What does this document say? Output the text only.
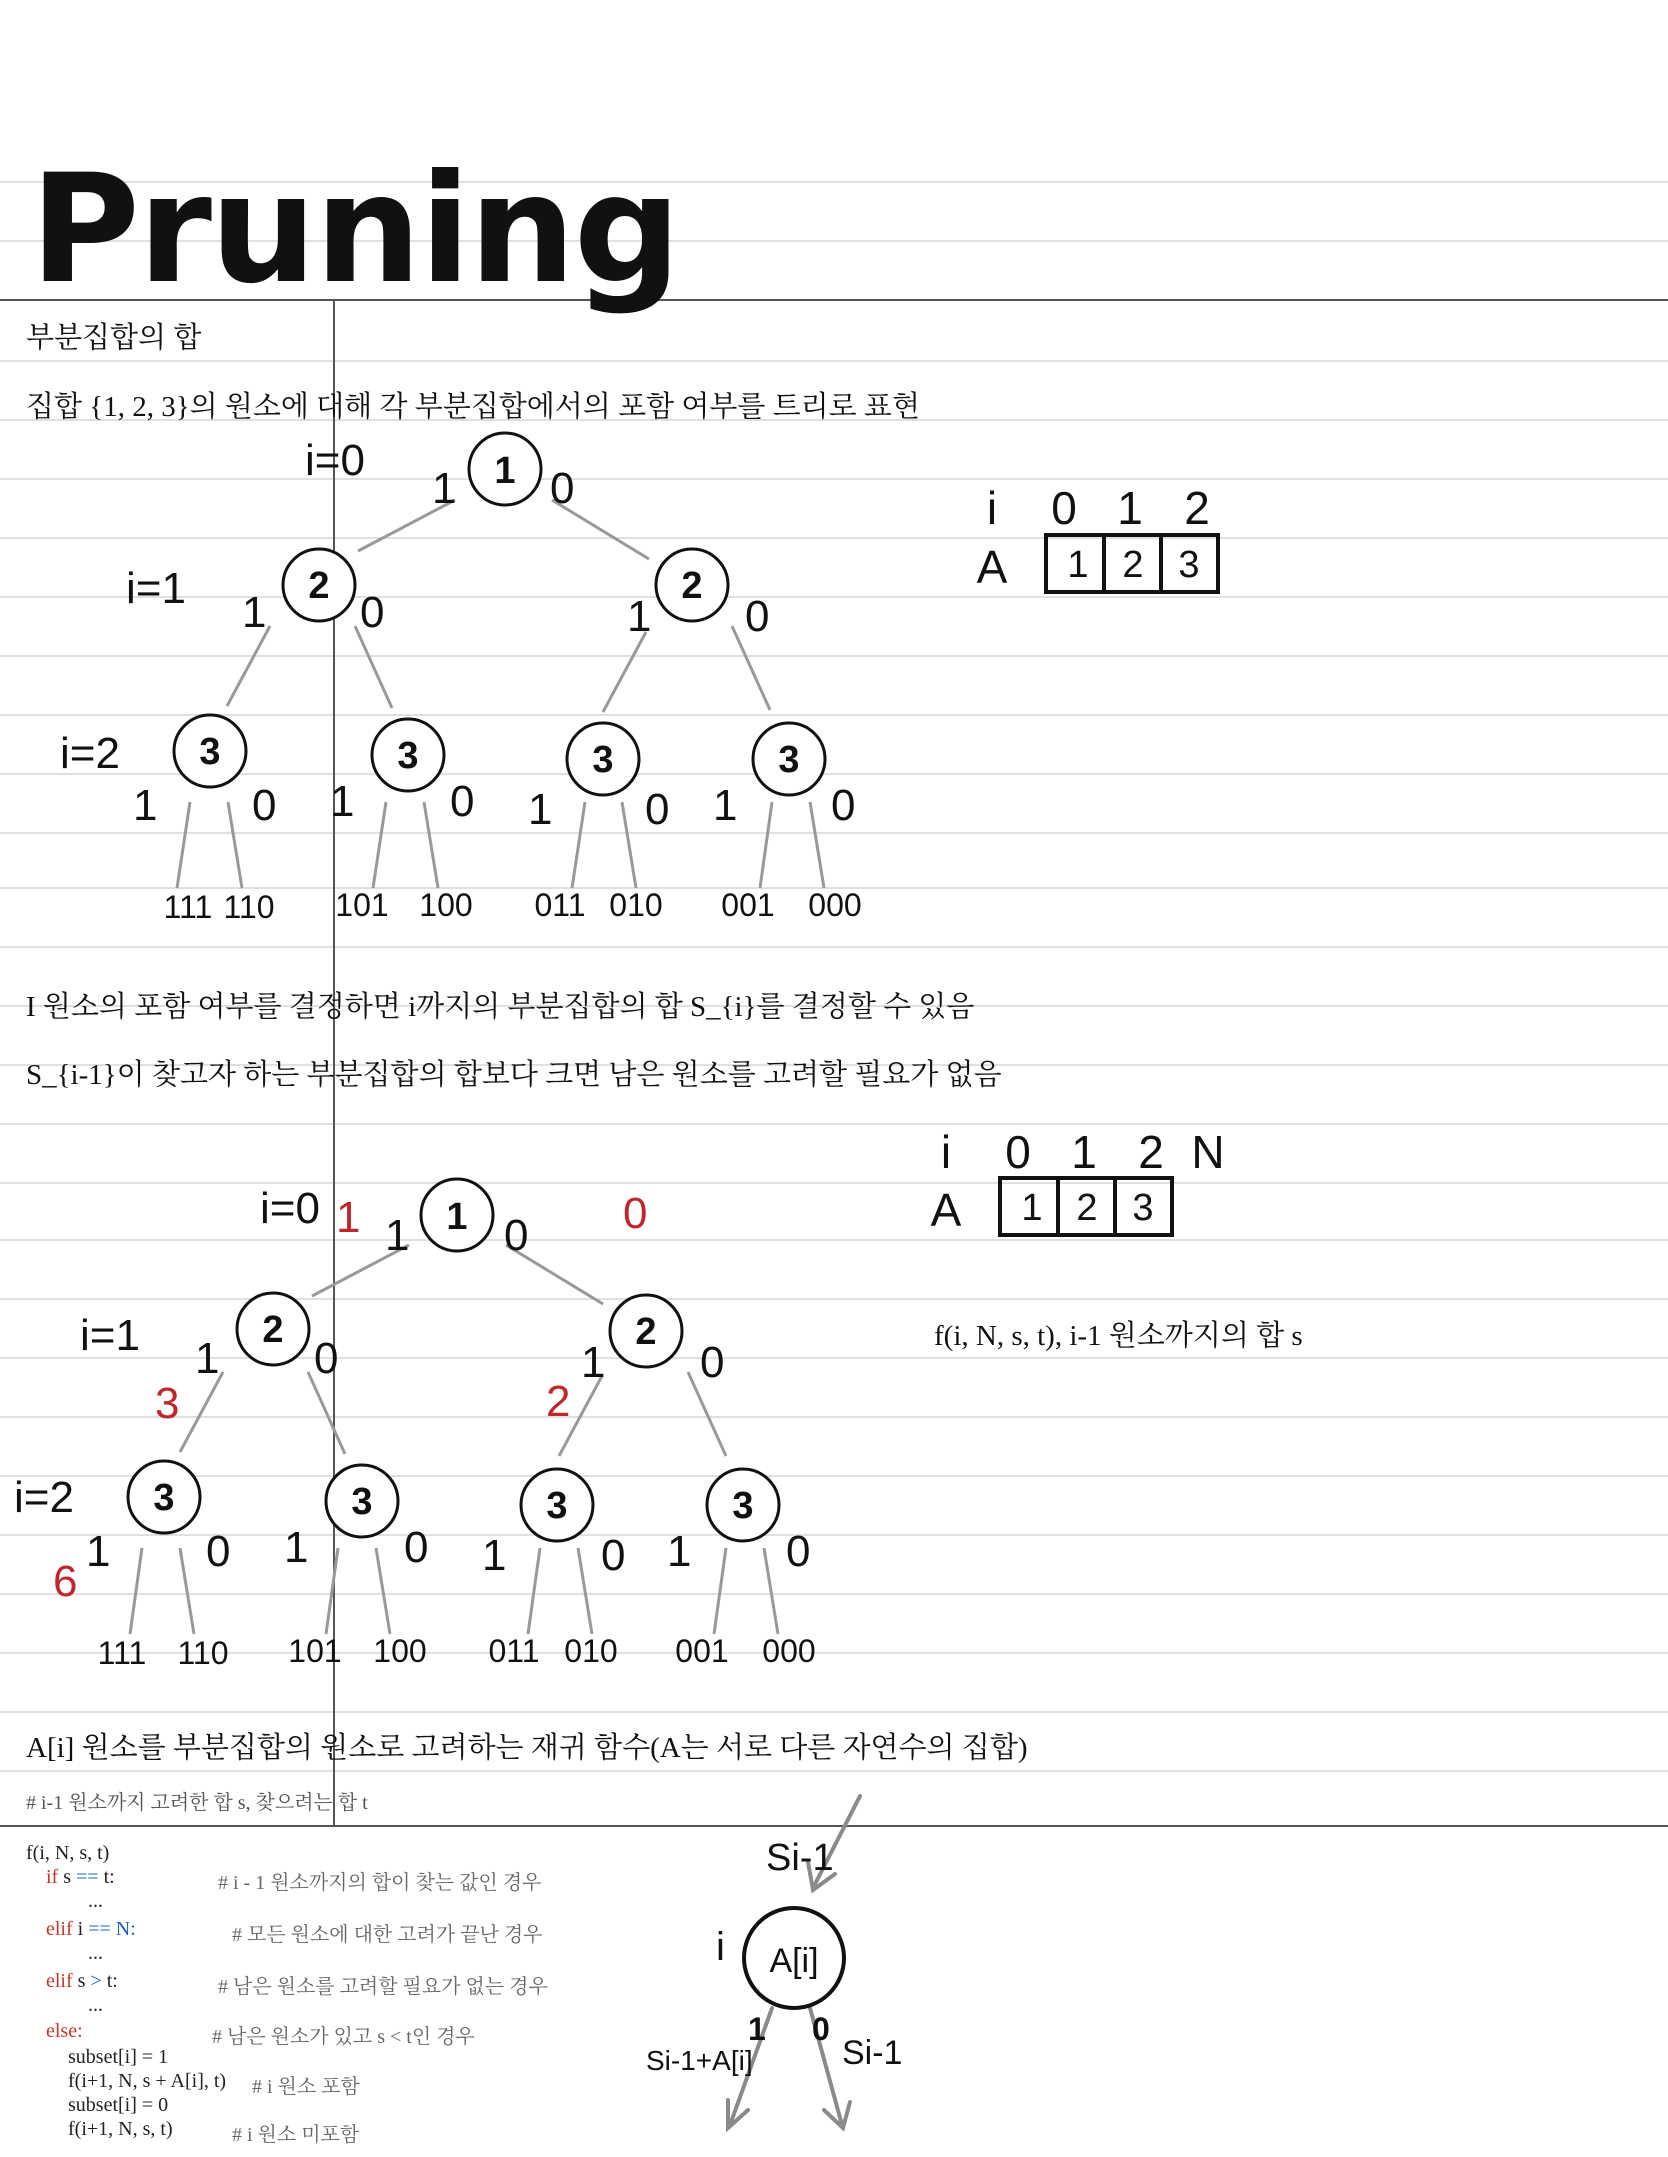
Pruning
부분집합의 합
집합 {1, 2, 3}의 원소에 대해 각 부분집합에서의 포함 여부를 트리로 표현
1
2	2
3	3	3	3
i=0
i=1
i=2
1 0
1 0	1 0
1 0 1 0 1 0 1 0
111 110 101 100 011 010 001 000
i 0 1 2
A 1 2 3
I 원소의 포함 여부를 결정하면 i까지의 부분집합의 합 S_{i}를 결정할 수 있음
S_{i-1}이 찾고자 하는 부분집합의 합보다 크면 남은 원소를 고려할 필요가 없음
i 0 1 2 N
A 1 2 3
f(i, N, s, t), i-1 원소까지의 합 s
1
2	2
3	3	3	3
i=0
i=1
i=2
1 0
1 0	1 0
1 0 1 0 1 0 1 0
1	0
3	2
6
111 110 101 100 011 010 001 000
A[i] 원소를 부분집합의 원소로 고려하는 재귀 함수(A는 서로 다른 자연수의 집합)
# i-1 원소까지 고려한 합 s, 찾으려는 합 t
f(i, N, s, t)
if s == t:	# i - 1 원소까지의 합이 찾는 값인 경우
...
elif i == N:	# 모든 원소에 대한 고려가 끝난 경우
...
elif s > t:	# 남은 원소를 고려할 필요가 없는 경우
...
else:	# 남은 원소가 있고 s < t인 경우
subset[i] = 1
f(i+1, N, s + A[i], t) # i 원소 포함
subset[i] = 0
f(i+1, N, s, t)	# i 원소 미포함
Si-1
A[i]
i
1 0
Si-1+A[i]	Si-1
